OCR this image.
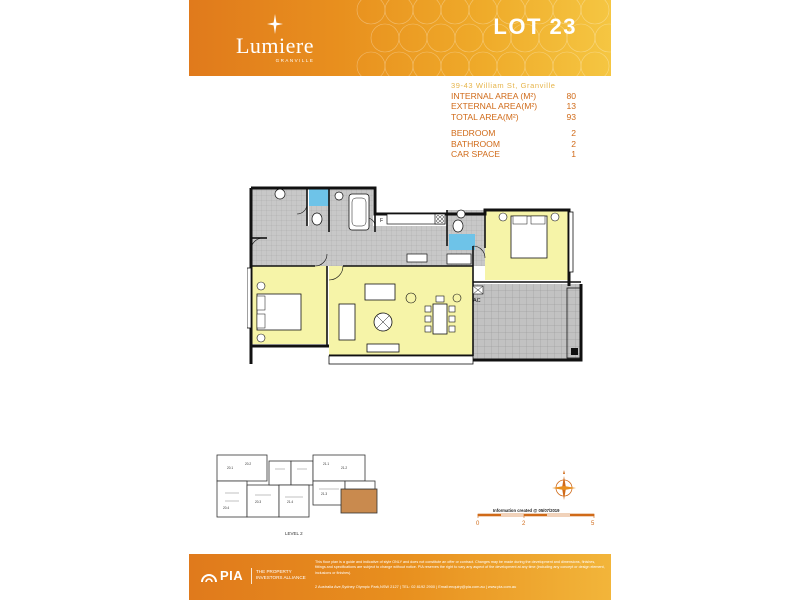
Lumiere
GRANVILLE
LOT 23
39-43 William St, Granville
INTERNAL AREA (M²)	80
EXTERNAL AREA(M²)	13
TOTAL AREA(M²)	93
BEDROOM	2
BATHROOM	2
CAR SPACE	1
F
AC
20.1
20.2
20.3
20.4
21.1
21.2
21.3
21.4
LEVEL 2
Information created @ 05/07/2019
0	2	5
PIA	THE PROPERTY
INVESTORS ALLIANCE
This floor plan is a guide and indicative of style ONLY and does not constitute an offer or contract. Changes may be made during the development and dimensions, finishes, fittings and specifications are subject to change without notice. PIA reserves the right to vary any aspect of the development at any time (including any concept or design element, inclusions or finishes).
2 Australia Ave,Sydney Olympic Park,NSW 2127 | TEL: 02 8192 2900 | Email:enquiry@pia.com.au | www.pia.com.au
